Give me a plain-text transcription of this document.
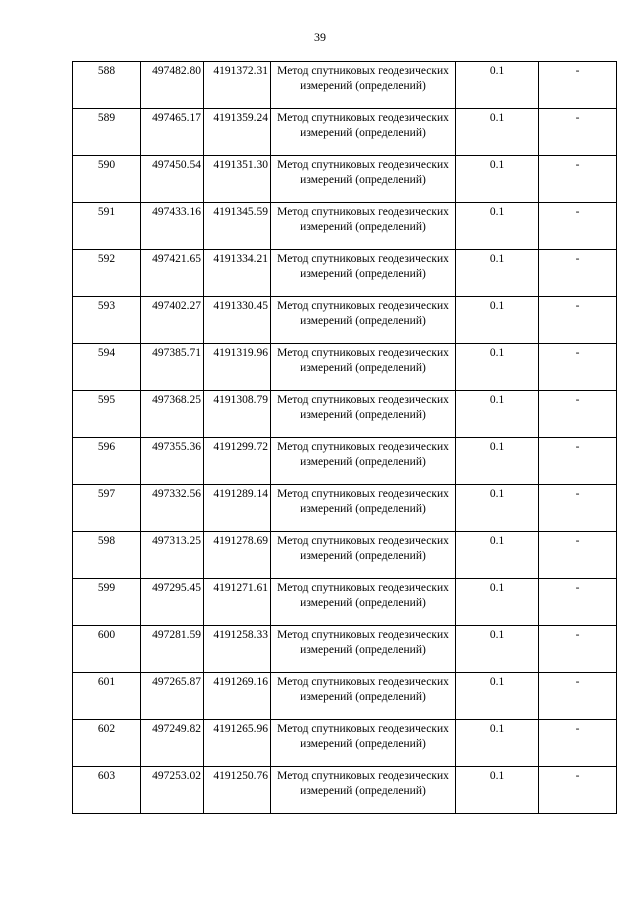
39
588	497482.80	4191372.31	Метод спутниковых геодезических измерений (определений)	0.1	-
589	497465.17	4191359.24	Метод спутниковых геодезических измерений (определений)	0.1	-
590	497450.54	4191351.30	Метод спутниковых геодезических измерений (определений)	0.1	-
591	497433.16	4191345.59	Метод спутниковых геодезических измерений (определений)	0.1	-
592	497421.65	4191334.21	Метод спутниковых геодезических измерений (определений)	0.1	-
593	497402.27	4191330.45	Метод спутниковых геодезических измерений (определений)	0.1	-
594	497385.71	4191319.96	Метод спутниковых геодезических измерений (определений)	0.1	-
595	497368.25	4191308.79	Метод спутниковых геодезических измерений (определений)	0.1	-
596	497355.36	4191299.72	Метод спутниковых геодезических измерений (определений)	0.1	-
597	497332.56	4191289.14	Метод спутниковых геодезических измерений (определений)	0.1	-
598	497313.25	4191278.69	Метод спутниковых геодезических измерений (определений)	0.1	-
599	497295.45	4191271.61	Метод спутниковых геодезических измерений (определений)	0.1	-
600	497281.59	4191258.33	Метод спутниковых геодезических измерений (определений)	0.1	-
601	497265.87	4191269.16	Метод спутниковых геодезических измерений (определений)	0.1	-
602	497249.82	4191265.96	Метод спутниковых геодезических измерений (определений)	0.1	-
603	497253.02	4191250.76	Метод спутниковых геодезических измерений (определений)	0.1	-
